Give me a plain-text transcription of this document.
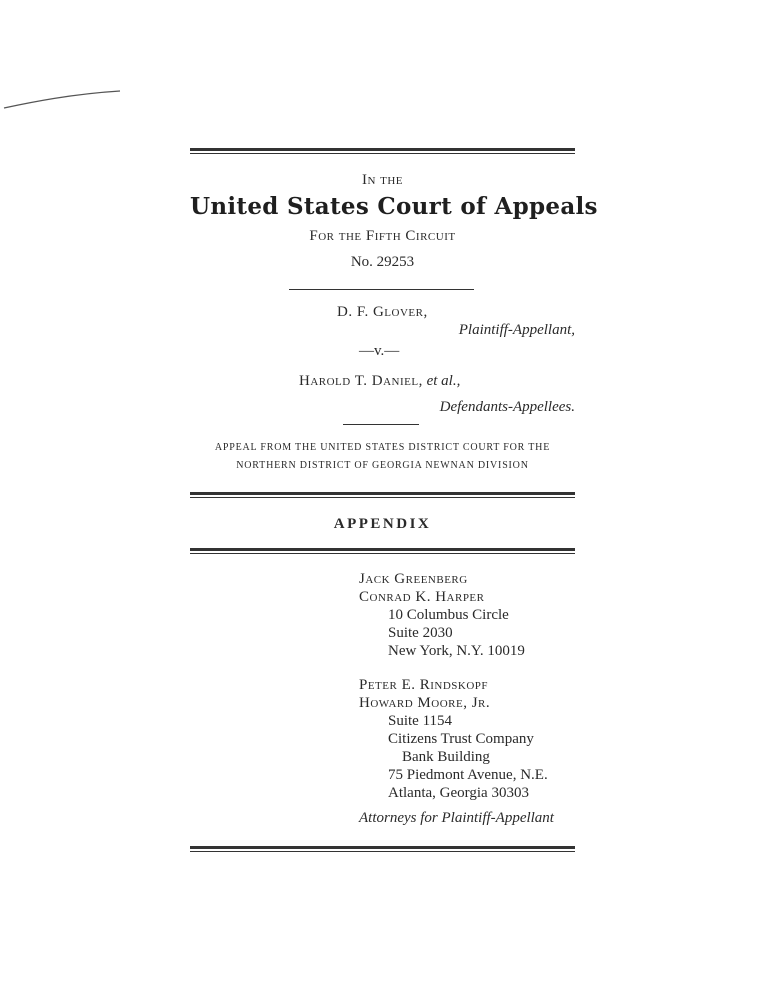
In the
United States Court of Appeals
For the Fifth Circuit
No. 29253
D. F. Glover,
Plaintiff-Appellant,
—v.—
Harold T. Daniel, et al.,
Defendants-Appellees.
APPEAL FROM THE UNITED STATES DISTRICT COURT FOR THE
NORTHERN DISTRICT OF GEORGIA NEWNAN DIVISION
APPENDIX
Jack Greenberg
Conrad K. Harper
10 Columbus Circle
Suite 2030
New York, N.Y. 10019
Peter E. Rindskopf
Howard Moore, Jr.
Suite 1154
Citizens Trust Company
Bank Building
75 Piedmont Avenue, N.E.
Atlanta, Georgia 30303
Attorneys for Plaintiff-Appellant
